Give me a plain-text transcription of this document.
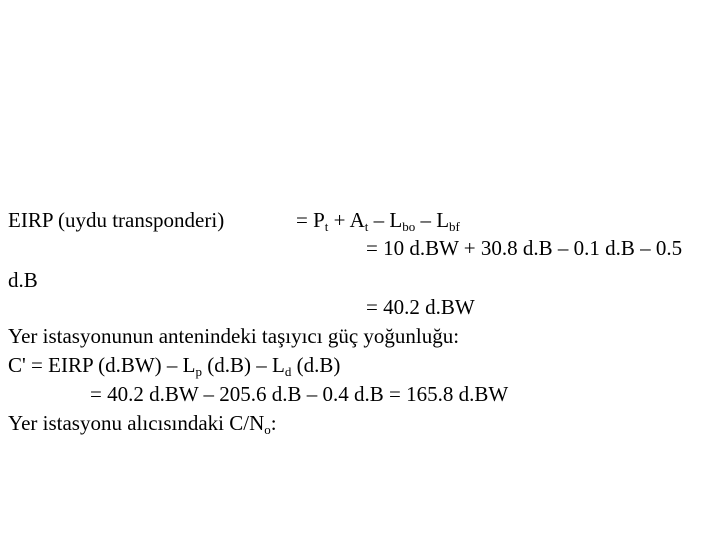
EIRP (uydu transponderi)	= $P_t + A_t - L_{bo} - L_{bf}$
= 10 d.BW + 30.8 d.B – 0.1 d.B – 0.5
d.B
= 40.2 d.BW
Yer istasyonunun antenindeki taşıyıcı güç yoğunluğu:
C' = EIRP $(d.BW) - L_p$ $(d.B) - L_d$ (d.B)
= 40.2 d.BW – 205.6 d.B – 0.4 d.B = 165.8 d.BW
Yer istasyonu alıcısındaki $C/N_o$:
